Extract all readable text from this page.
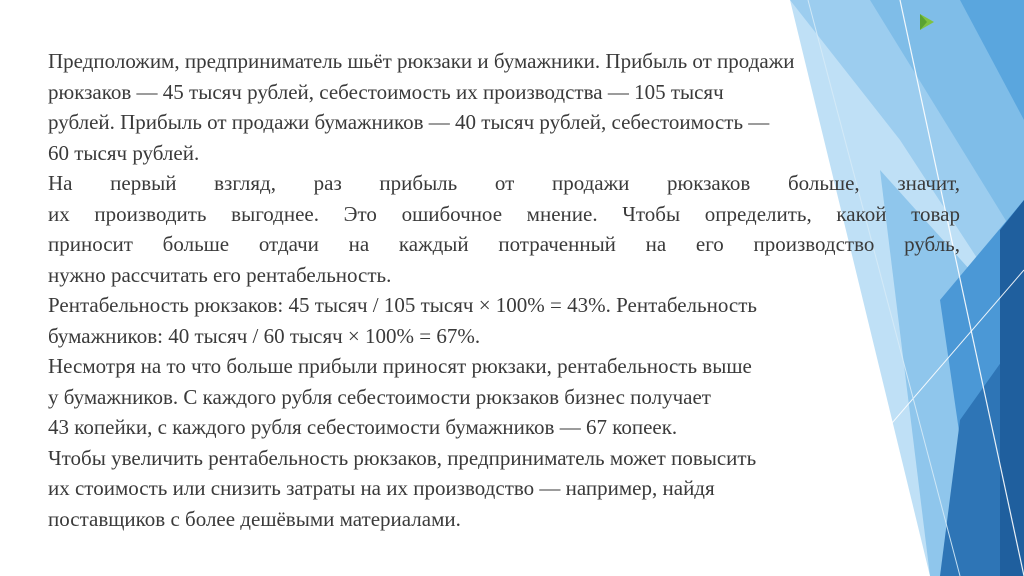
Предположим, предприниматель шьёт рюкзаки и бумажники. Прибыль от продажи
рюкзаков — 45 тысяч рублей, себестоимость их производства — 105 тысяч
рублей. Прибыль от продажи бумажников — 40 тысяч рублей, себестоимость —
60 тысяч рублей.

На первый взгляд, раз прибыль от продажи рюкзаков больше, значит,
их производить выгоднее. Это ошибочное мнение. Чтобы определить, какой товар
приносит больше отдачи на каждый потраченный на его производство рубль,
нужно рассчитать его рентабельность.

Рентабельность рюкзаков: 45 тысяч / 105 тысяч × 100% = 43%. Рентабельность
бумажников: 40 тысяч / 60 тысяч × 100% = 67%.

Несмотря на то что больше прибыли приносят рюкзаки, рентабельность выше
у бумажников. С каждого рубля себестоимости рюкзаков бизнес получает
43 копейки, с каждого рубля себестоимости бумажников — 67 копеек.

Чтобы увеличить рентабельность рюкзаков, предприниматель может повысить
их стоимость или снизить затраты на их производство — например, найдя
поставщиков с более дешёвыми материалами.
